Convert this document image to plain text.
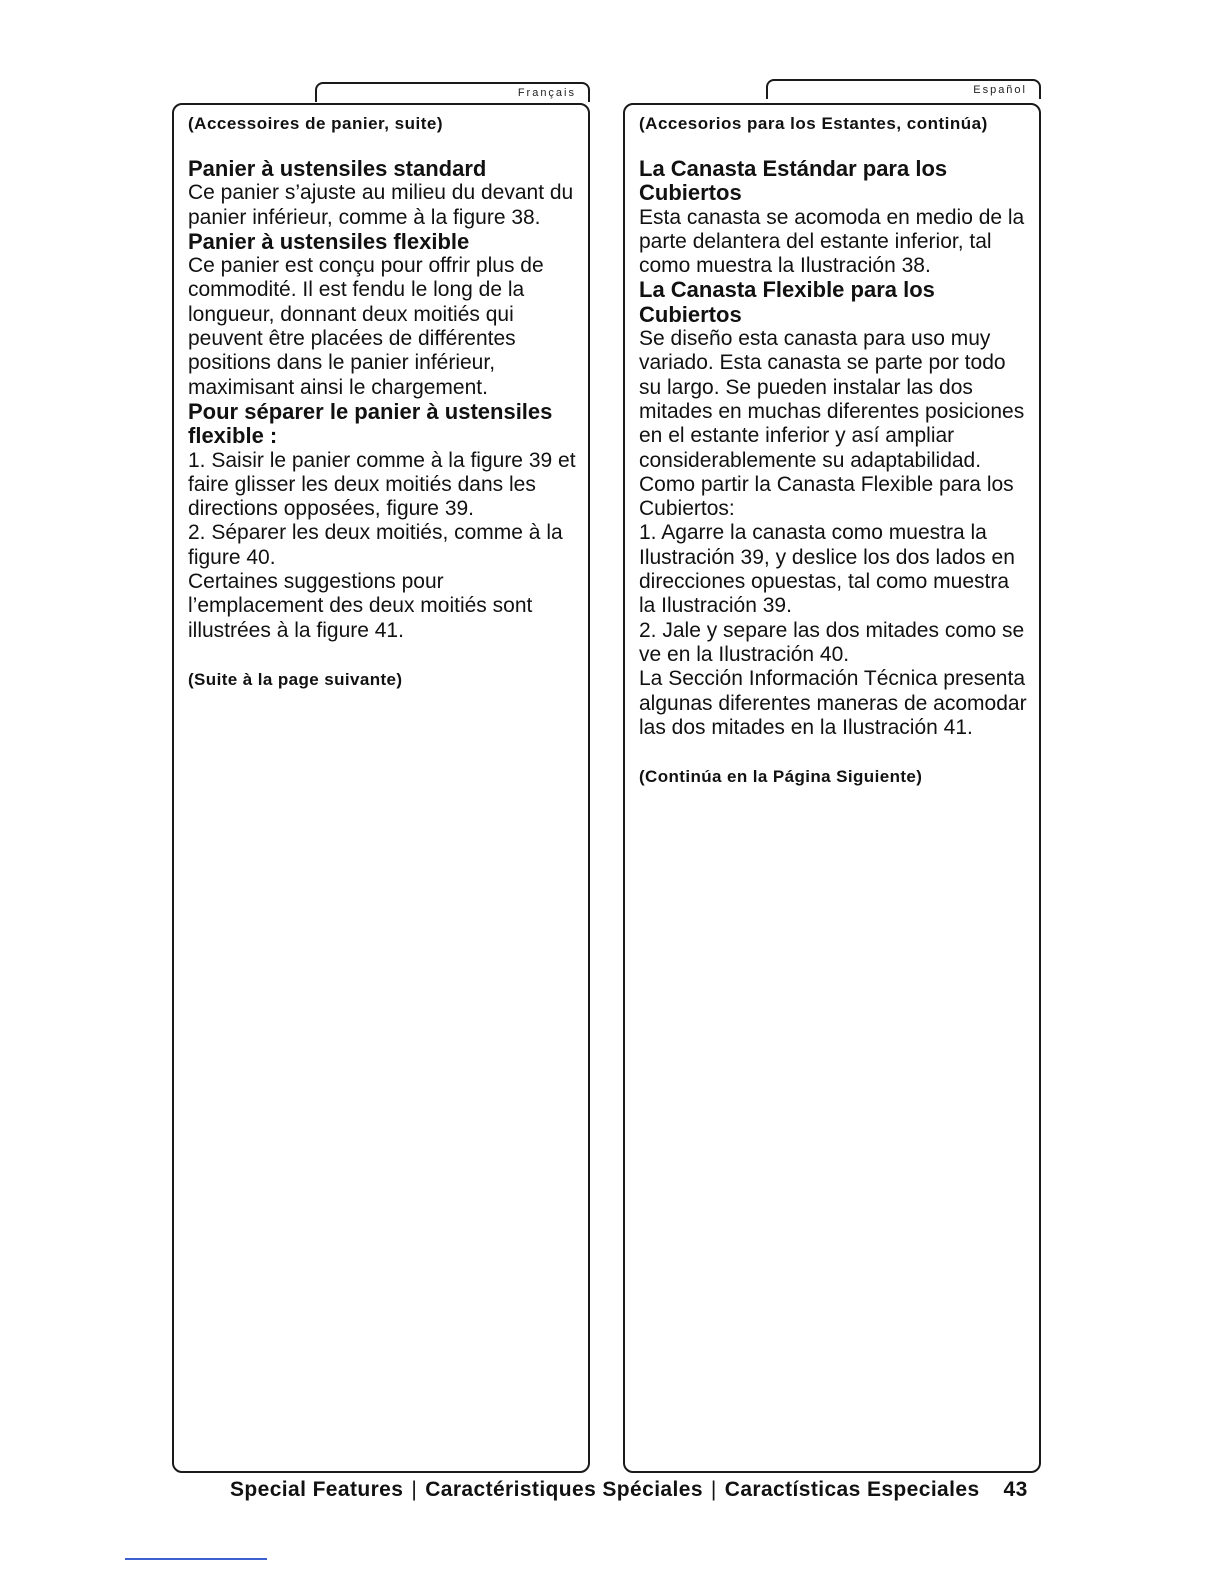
Français

(Accessoires de panier, suite)

Panier à ustensiles standard

Ce panier s’ajuste au milieu du devant du panier inférieur, comme à la figure 38.

Panier à ustensiles flexible

Ce panier est conçu pour offrir plus de commodité. Il est fendu le long de la longueur, donnant deux moitiés qui peuvent être placées de différentes positions dans le panier inférieur, maximisant ainsi le chargement.

Pour séparer le panier à ustensiles flexible :

1. Saisir le panier comme à la figure 39 et faire glisser les deux moitiés dans les directions opposées, figure 39.

2. Séparer les deux moitiés, comme à la figure 40.

Certaines suggestions pour l’emplacement des deux moitiés sont illustrées à la figure 41.

(Suite à la page suivante)

Español

(Accesorios para los Estantes, continúa)

La Canasta Estándar para los Cubiertos

Esta canasta se acomoda en medio de la parte delantera del estante inferior, tal como muestra la Ilustración 38.

La Canasta Flexible para los Cubiertos

Se diseño esta canasta para uso muy variado. Esta canasta se parte por todo su largo. Se pueden instalar las dos mitades en muchas diferentes posiciones en el estante inferior y así ampliar considerablemente su adaptabilidad.

Como partir la Canasta Flexible para los Cubiertos:

1. Agarre la canasta como muestra la Ilustración 39, y deslice los dos lados en direcciones opuestas, tal como muestra la Ilustración 39.

2. Jale y separe las dos mitades como se ve en la Ilustración 40.

La Sección Información Técnica presenta algunas diferentes maneras de acomodar las dos mitades en la Ilustración 41.

(Continúa en la Página Siguiente)

Special Features | Caractéristiques Spéciales | Caractísticas Especiales 43
